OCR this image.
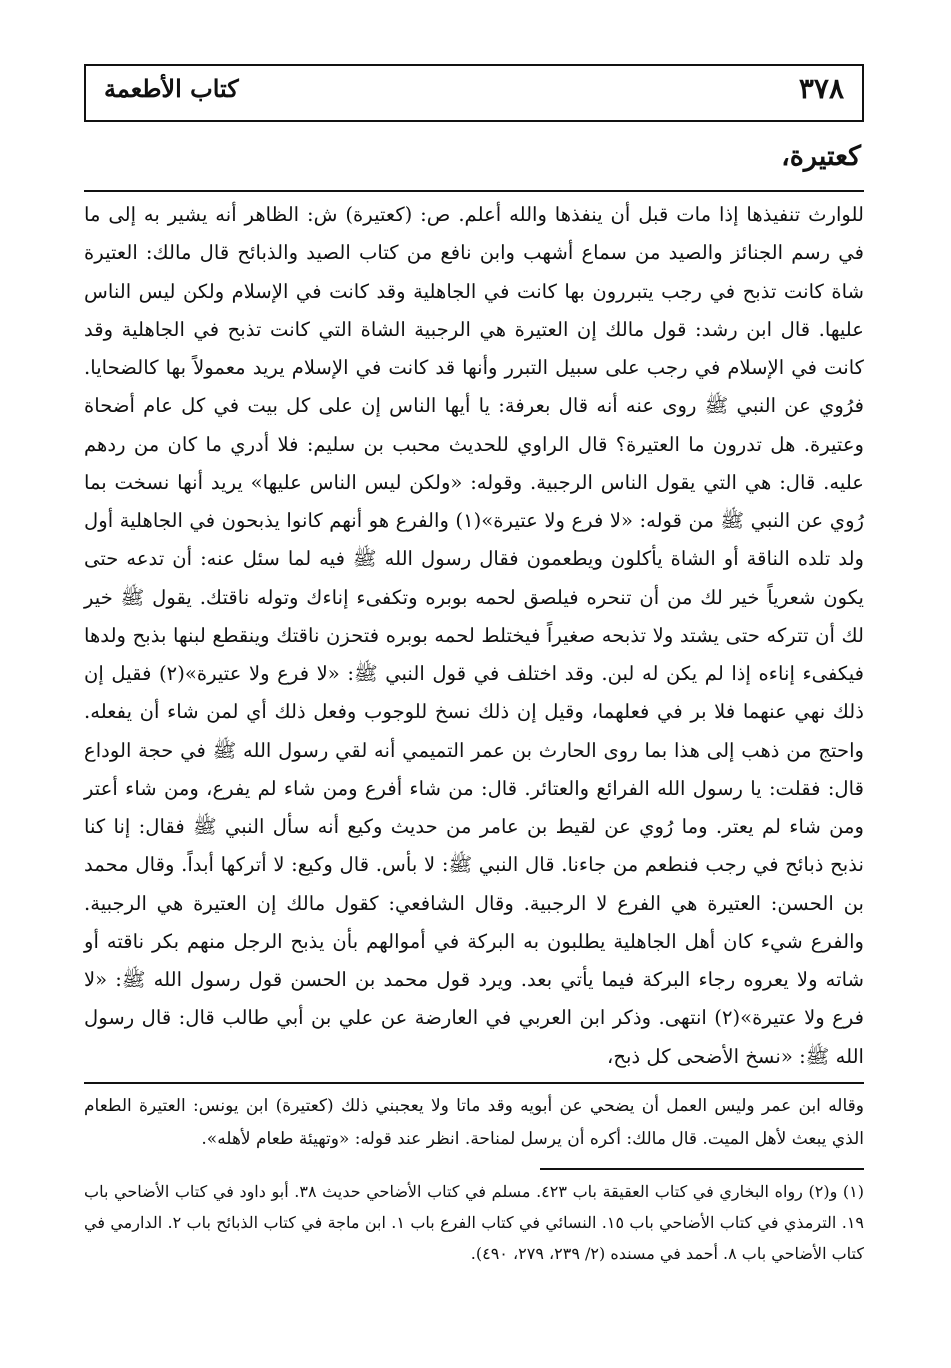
٣٧٨
كتاب الأطعمة
كعتيرة،

للوارث تنفيذها إذا مات قبل أن ينفذها والله أعلم. ص: (كعتيرة) ش: الظاهر أنه يشير به إلى ما في رسم الجنائز والصيد من سماع أشهب وابن نافع من كتاب الصيد والذبائح قال مالك: العتيرة شاة كانت تذبح في رجب يتبررون بها كانت في الجاهلية وقد كانت في الإسلام ولكن ليس الناس عليها. قال ابن رشد: قول مالك إن العتيرة هي الرجبية الشاة التي كانت تذبح في الجاهلية وقد كانت في الإسلام في رجب على سبيل التبرر وأنها قد كانت في الإسلام يريد معمولاً بها كالضحايا. فرُوي عن النبي ﷺ روى عنه أنه قال بعرفة: يا أيها الناس إن على كل بيت في كل عام أضحاة وعتيرة. هل تدرون ما العتيرة؟ قال الراوي للحديث محبب بن سليم: فلا أدري ما كان من ردهم عليه. قال: هي التي يقول الناس الرجبية. وقوله: «ولكن ليس الناس عليها» يريد أنها نسخت بما رُوي عن النبي ﷺ من قوله: «لا فرع ولا عتيرة»(١) والفرع هو أنهم كانوا يذبحون في الجاهلية أول ولد تلده الناقة أو الشاة يأكلون ويطعمون فقال رسول الله ﷺ فيه لما سئل عنه: أن تدعه حتى يكون شعرياً خير لك من أن تنحره فيلصق لحمه بوبره وتكفىء إناءك وتوله ناقتك. يقول ﷺ خير لك أن تتركه حتى يشتد ولا تذبحه صغيراً فيختلط لحمه بوبره فتحزن ناقتك وينقطع لبنها بذبح ولدها فيكفىء إناءه إذا لم يكن له لبن. وقد اختلف في قول النبي ﷺ: «لا فرع ولا عتيرة»(٢) فقيل إن ذلك نهي عنهما فلا بر في فعلهما، وقيل إن ذلك نسخ للوجوب وفعل ذلك أي لمن شاء أن يفعله. واحتج من ذهب إلى هذا بما روى الحارث بن عمر التميمي أنه لقي رسول الله ﷺ في حجة الوداع قال: فقلت: يا رسول الله الفرائع والعتائر. قال: من شاء أفرع ومن شاء لم يفرع، ومن شاء أعتر ومن شاء لم يعتر. وما رُوي عن لقيط بن عامر من حديث وكيع أنه سأل النبي ﷺ فقال: إنا كنا نذبح ذبائح في رجب فنطعم من جاءنا. قال النبي ﷺ: لا بأس. قال وكيع: لا أتركها أبداً. وقال محمد بن الحسن: العتيرة هي الفرع لا الرجبية. وقال الشافعي: كقول مالك إن العتيرة هي الرجبية. والفرع شيء كان أهل الجاهلية يطلبون به البركة في أموالهم بأن يذبح الرجل منهم بكر ناقته أو شاته ولا يعروه رجاء البركة فيما يأتي بعد. ويرد قول محمد بن الحسن قول رسول الله ﷺ: «لا فرع ولا عتيرة»(٢) انتهى. وذكر ابن العربي في العارضة عن علي بن أبي طالب قال: قال رسول الله ﷺ: «نسخ الأضحى كل ذبح،

وقاله ابن عمر وليس العمل أن يضحي عن أبويه وقد ماتا ولا يعجبني ذلك (كعتيرة) ابن يونس: العتيرة الطعام الذي يبعث لأهل الميت. قال مالك: أكره أن يرسل لمناحة. انظر عند قوله: «وتهيئة طعام لأهله».

(١) و(٢) رواه البخاري في كتاب العقيقة باب ٤٢٣. مسلم في كتاب الأضاحي حديث ٣٨. أبو داود في كتاب الأضاحي باب ١٩. الترمذي في كتاب الأضاحي باب ١٥. النسائي في كتاب الفرع باب ١. ابن ماجة في كتاب الذبائح باب ٢. الدارمي في كتاب الأضاحي باب ٨. أحمد في مسنده (٢/ ٢٣٩، ٢٧٩، ٤٩٠).
